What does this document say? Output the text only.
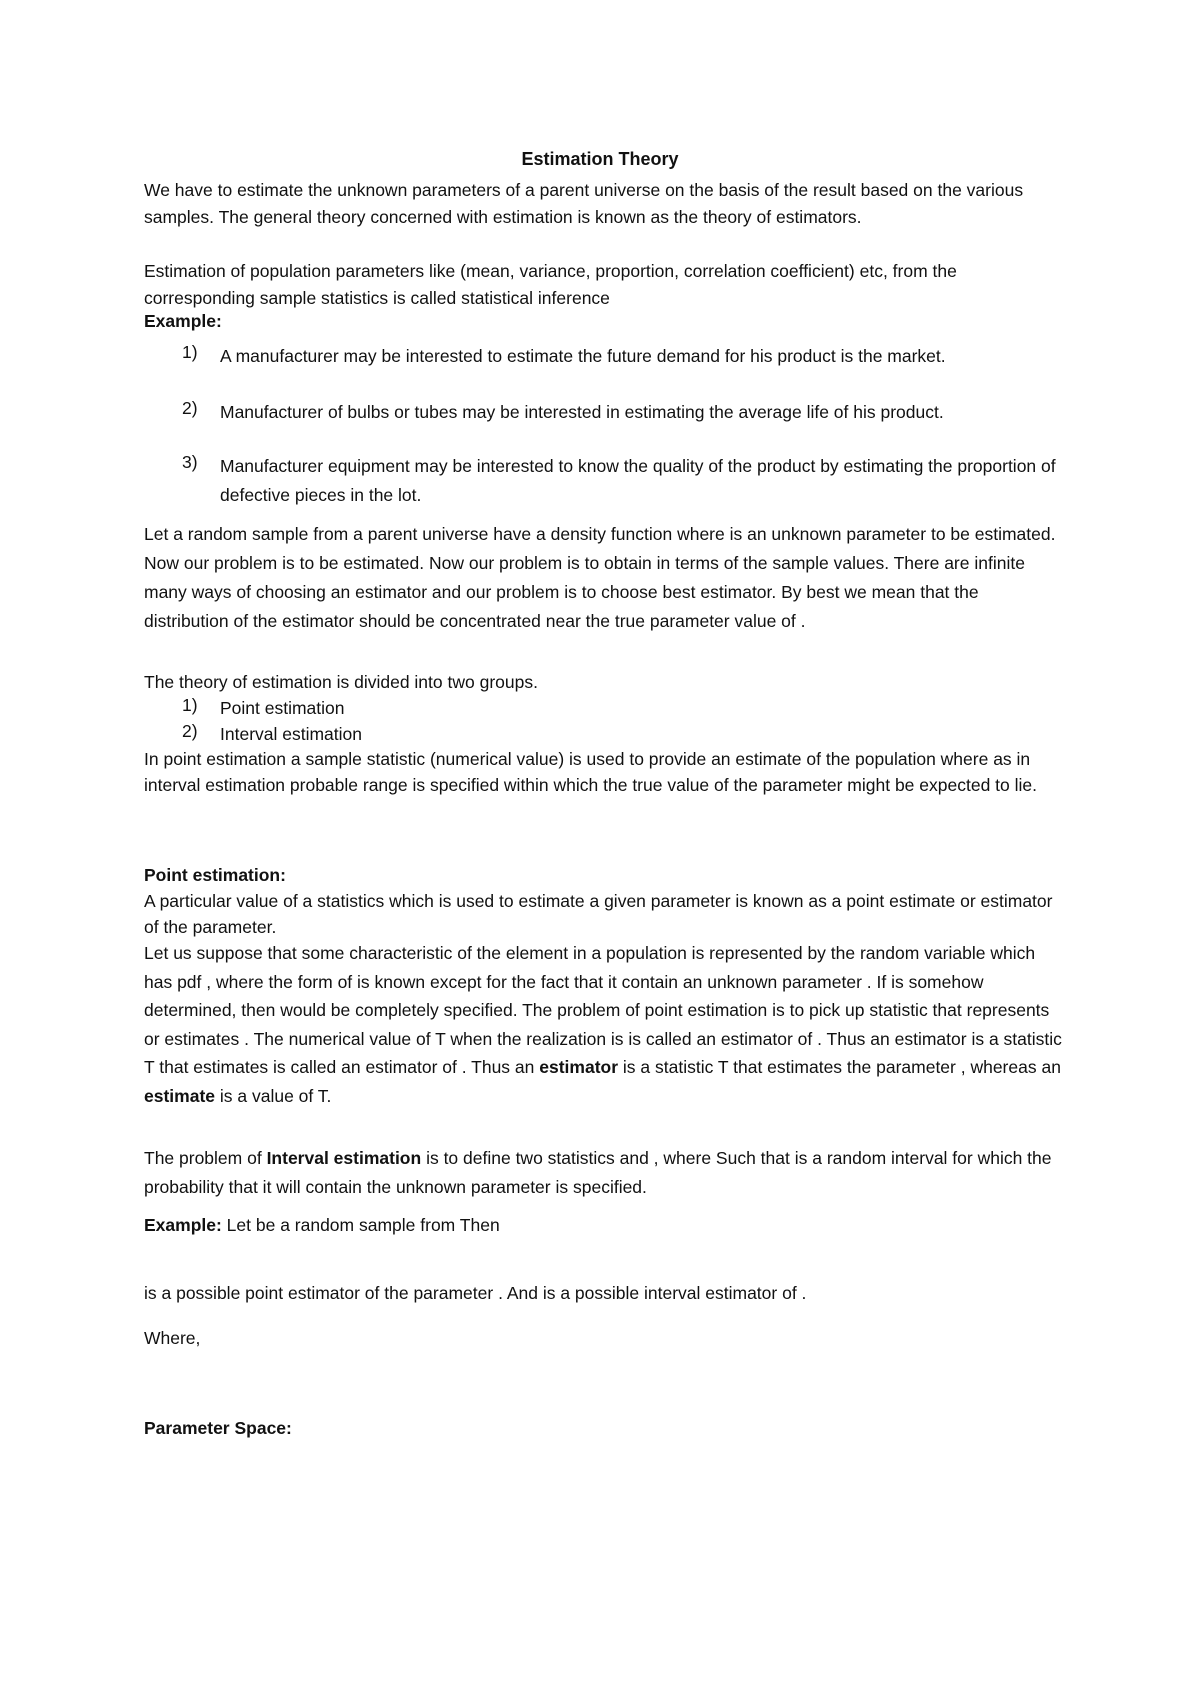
Estimation Theory

We have to estimate the unknown parameters of a parent universe on the basis of the result based on the various samples. The general theory concerned with estimation is known as the theory of estimators.

Estimation of population parameters like (mean, variance, proportion, correlation coefficient) etc, from the corresponding sample statistics is called statistical inference

Example:

1)	A manufacturer may be interested to estimate the future demand for his product is the market.
2)	Manufacturer of bulbs or tubes may be interested in estimating the average life of his product.
3)	Manufacturer equipment may be interested to know the quality of the product by estimating the proportion of defective pieces in the lot.

Let a random sample from a parent universe have a density function where is an unknown parameter to be estimated. Now our problem is to be estimated. Now our problem is to obtain in terms of the sample values. There are infinite many ways of choosing an estimator and our problem is to choose best estimator. By best we mean that the distribution of the estimator should be concentrated near the true parameter value of .

The theory of estimation is divided into two groups.

1)	Point estimation
2)	Interval estimation

In point estimation a sample statistic (numerical value) is used to provide an estimate of the population where as in interval estimation probable range is specified within which the true value of the parameter might be expected to lie.

Point estimation:

A particular value of a statistics which is used to estimate a given parameter is known as a point estimate or estimator of the parameter.

Let us suppose that some characteristic of the element in a population is represented by the random variable which has pdf , where the form of is known except for the fact that it contain an unknown parameter . If is somehow determined, then would be completely specified. The problem of point estimation is to pick up statistic that represents or estimates . The numerical value of T when the realization is is called an estimator of . Thus an estimator is a statistic T that estimates is called an estimator of . Thus an estimator is a statistic T that estimates the parameter , whereas an estimate is a value of T.

The problem of Interval estimation is to define two statistics and , where Such that is a random interval for which the probability that it will contain the unknown parameter is specified.

Example: Let be a random sample from Then

is a possible point estimator of the parameter . And is a possible interval estimator of .

Where,

Parameter Space:
